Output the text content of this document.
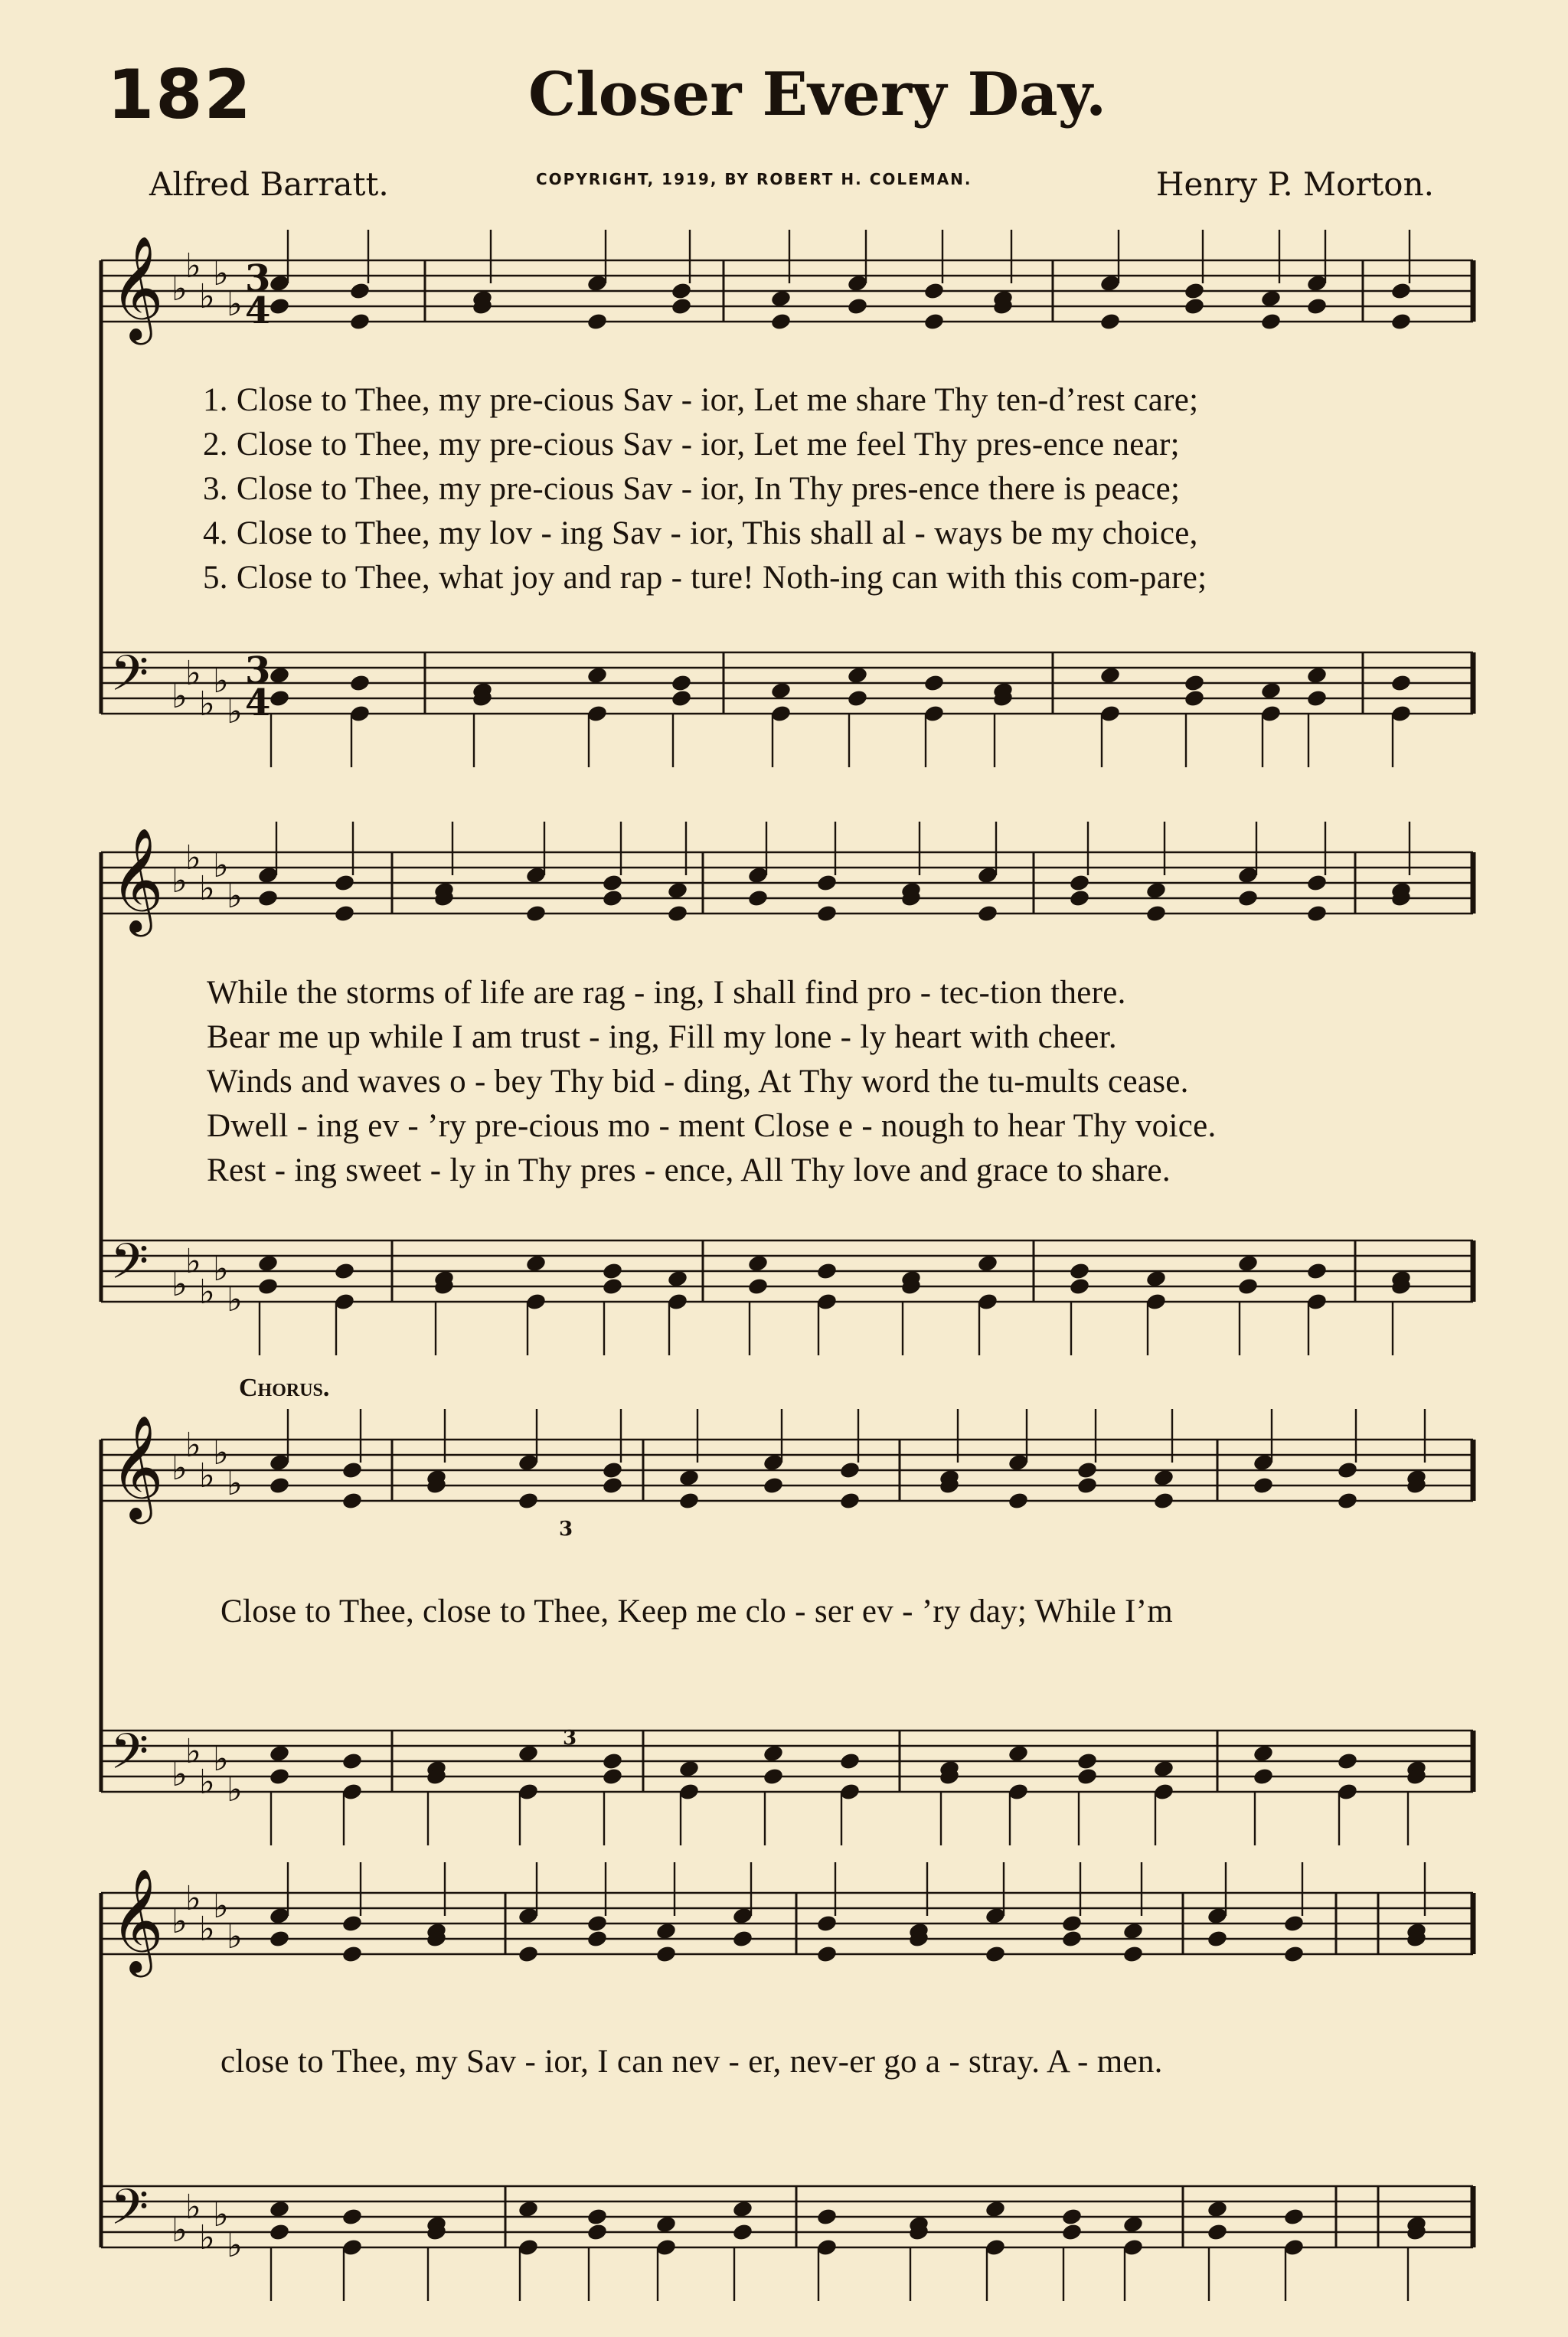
182	Closer Every Day.
Alfred Barratt.	COPYRIGHT, 1919, BY ROBERT H. COLEMAN.	Henry P. Morton.
1. Close to Thee, my pre-cious Sav - ior, Let me share Thy ten-d’rest care;
2. Close to Thee, my pre-cious Sav - ior, Let me feel Thy pres-ence near;
3. Close to Thee, my pre-cious Sav - ior, In Thy pres-ence there is peace;
4. Close to Thee, my lov - ing Sav - ior, This shall al - ways be my choice,
5. Close to Thee, what joy and rap - ture! Noth-ing can with this com-pare;
While the storms of life are rag - ing, I shall find pro - tec-tion there.
Bear me up while I am trust - ing, Fill my lone - ly heart with cheer.
Winds and waves o - bey Thy bid - ding, At Thy word the tu-mults cease.
Dwell - ing ev - ’ry pre-cious mo - ment Close e - nough to hear Thy voice.
Rest - ing sweet - ly in Thy pres - ence, All Thy love and grace to share.
Chorus.
Close to Thee, close to Thee, Keep me clo - ser ev - ’ry day; While I’m
close to Thee, my Sav - ior, I can nev - er, nev-er go a - stray. A - men.
𝄞 ♭
♭
♭
♭
♭
3
4
𝄢 ♭
♭
♭
♭
♭
3
4
𝄞 ♭
♭
♭
♭
♭
𝄢 ♭
♭
♭
♭
♭
𝄞 ♭
♭
♭
♭
♭
𝄢 ♭
♭
♭
♭
♭
𝄞 ♭
♭
♭
♭
♭
𝄢 ♭
♭
♭
♭
♭
3
3
